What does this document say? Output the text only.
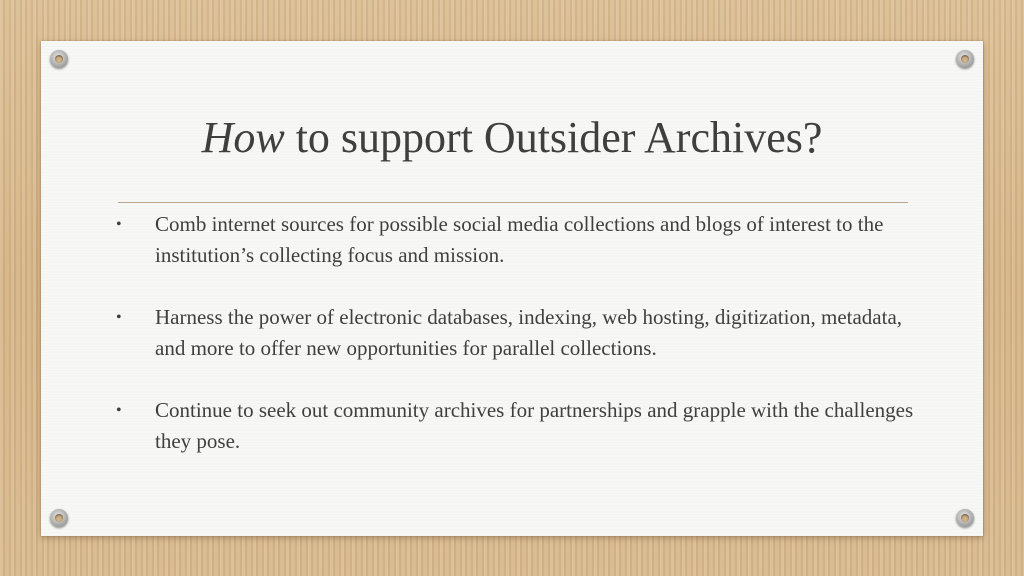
How to support Outsider Archives?
• Comb internet sources for possible social media collections and blogs of interest to the institution’s collecting focus and mission.
• Harness the power of electronic databases, indexing, web hosting, digitization, metadata, and more to offer new opportunities for parallel collections.
• Continue to seek out community archives for partnerships and grapple with the challenges they pose.
